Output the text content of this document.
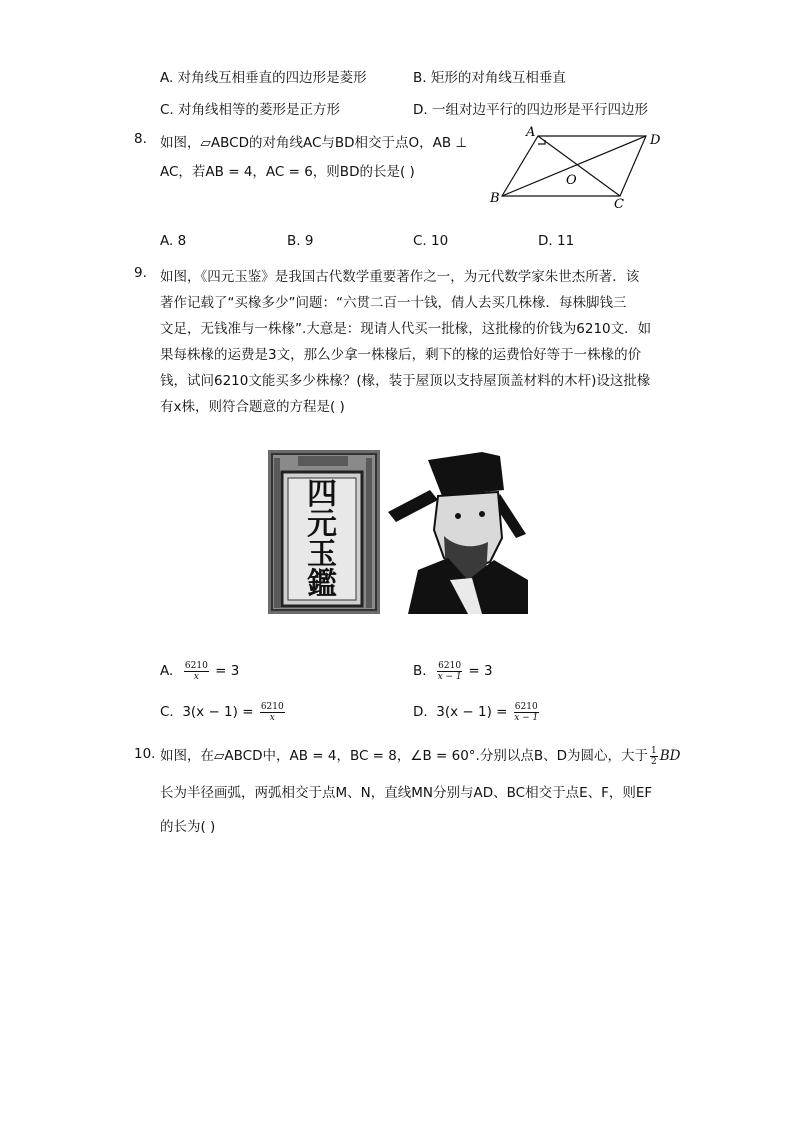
A. 对角线互相垂直的四边形是菱形	B. 矩形的对角线互相垂直
C. 对角线相等的菱形是正方形	D. 一组对边平行的四边形是平行四边形
8. 如图，▱ABCD的对角线AC与BD相交于点O，AB ⊥
AC，若AB = 4，AC = 6，则BD的长是( )
A
D
B	C
O
A. 8	B. 9	C. 10	D. 11
9. 如图，《四元玉鉴》是我国古代数学重要著作之一，为元代数学家朱世杰所著．该
著作记载了“买椽多少”问题：“六贯二百一十钱，倩人去买几株椽．每株脚钱三
文足，无钱准与一株椽”.大意是：现请人代买一批椽，这批椽的价钱为6210文．如
果每株椽的运费是3文，那么少拿一株椽后，剩下的椽的运费恰好等于一株椽的价
钱，试问6210文能买多少株椽？(椽，装于屋顶以支持屋顶盖材料的木杆)设这批椽
有x株，则符合题意的方程是( )
四
元
玉
鑑
A. $\frac{6210}{x} = 3$	B. $\frac{6210}{x - 1} = 3$
C. $3(x - 1) = \frac{6210}{x}$	D. $3(x - 1) = \frac{6210}{x - 1}$
10. 如图，在▱ABCD中，AB = 4，BC = 8，∠B = 60°.分别以点B、D为圆心，大于 $\frac{1}{2}$ BD
长为半径画弧，两弧相交于点M、N，直线MN分别与AD、BC相交于点E、F，则EF
的长为( )
